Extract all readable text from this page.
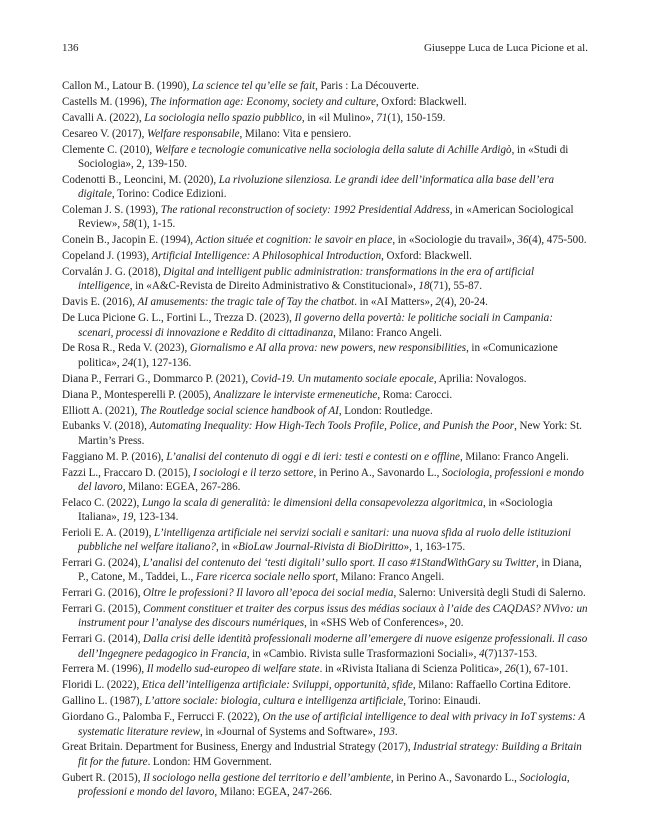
136	Giuseppe Luca de Luca Picione et al.
Callon M., Latour B. (1990), La science tel qu’elle se fait, Paris : La Découverte.
Castells M. (1996), The information age: Economy, society and culture, Oxford: Blackwell.
Cavalli A. (2022), La sociologia nello spazio pubblico, in «il Mulino», 71(1), 150-159.
Cesareo V. (2017), Welfare responsabile, Milano: Vita e pensiero.
Clemente C. (2010), Welfare e tecnologie comunicative nella sociologia della salute di Achille Ardigò, in «Studi di Sociologia», 2, 139-150.
Codenotti B., Leoncini, M. (2020), La rivoluzione silenziosa. Le grandi idee dell’informatica alla base dell’era digitale, Torino: Codice Edizioni.
Coleman J. S. (1993), The rational reconstruction of society: 1992 Presidential Address, in «American Sociological Review», 58(1), 1-15.
Conein B., Jacopin E. (1994), Action située et cognition: le savoir en place, in «Sociologie du travail», 36(4), 475-500.
Copeland J. (1993), Artificial Intelligence: A Philosophical Introduction, Oxford: Blackwell.
Corvalán J. G. (2018), Digital and intelligent public administration: transformations in the era of artificial intelligence, in «A&C-Revista de Direito Administrativo & Constitucional», 18(71), 55-87.
Davis E. (2016), AI amusements: the tragic tale of Tay the chatbot. in «AI Matters», 2(4), 20-24.
De Luca Picione G. L., Fortini L., Trezza D. (2023), Il governo della povertà: le politiche sociali in Campania: scenari, processi di innovazione e Reddito di cittadinanza, Milano: Franco Angeli.
De Rosa R., Reda V. (2023), Giornalismo e AI alla prova: new powers, new responsibilities, in «Comunicazione politica», 24(1), 127-136.
Diana P., Ferrari G., Dommarco P. (2021), Covid-19. Un mutamento sociale epocale, Aprilia: Novalogos.
Diana P., Montesperelli P. (2005), Analizzare le interviste ermeneutiche, Roma: Carocci.
Elliott A. (2021), The Routledge social science handbook of AI, London: Routledge.
Eubanks V. (2018), Automating Inequality: How High-Tech Tools Profile, Police, and Punish the Poor, New York: St. Martin’s Press.
Faggiano M. P. (2016), L’analisi del contenuto di oggi e di ieri: testi e contesti on e offline, Milano: Franco Angeli.
Fazzi L., Fraccaro D. (2015), I sociologi e il terzo settore, in Perino A., Savonardo L., Sociologia, professioni e mondo del lavoro, Milano: EGEA, 267-286.
Felaco C. (2022), Lungo la scala di generalità: le dimensioni della consapevolezza algoritmica, in «Sociologia Italiana», 19, 123-134.
Ferioli E. A. (2019), L’intelligenza artificiale nei servizi sociali e sanitari: una nuova sfida al ruolo delle istituzioni pubbliche nel welfare italiano?, in «BioLaw Journal-Rivista di BioDiritto», 1, 163-175.
Ferrari G. (2024), L’analisi del contenuto dei ‘testi digitali’ sullo sport. Il caso #1StandWithGary su Twitter, in Diana, P., Catone, M., Taddei, L., Fare ricerca sociale nello sport, Milano: Franco Angeli.
Ferrari G. (2016), Oltre le professioni? Il lavoro all’epoca dei social media, Salerno: Università degli Studi di Salerno.
Ferrari G. (2015), Comment constituer et traiter des corpus issus des médias sociaux à l’aide des CAQDAS? NVivo: un instrument pour l’analyse des discours numériques, in «SHS Web of Conferences», 20.
Ferrari G. (2014), Dalla crisi delle identità professionali moderne all’emergere di nuove esigenze professionali. Il caso dell’Ingegnere pedagogico in Francia, in «Cambio. Rivista sulle Trasformazioni Sociali», 4(7)137-153.
Ferrera M. (1996), Il modello sud-europeo di welfare state. in «Rivista Italiana di Scienza Politica», 26(1), 67-101.
Floridi L. (2022), Etica dell’intelligenza artificiale: Sviluppi, opportunità, sfide, Milano: Raffaello Cortina Editore.
Gallino L. (1987), L’attore sociale: biologia, cultura e intelligenza artificiale, Torino: Einaudi.
Giordano G., Palomba F., Ferrucci F. (2022), On the use of artificial intelligence to deal with privacy in IoT systems: A systematic literature review, in «Journal of Systems and Software», 193.
Great Britain. Department for Business, Energy and Industrial Strategy (2017), Industrial strategy: Building a Britain fit for the future. London: HM Government.
Gubert R. (2015), Il sociologo nella gestione del territorio e dell’ambiente, in Perino A., Savonardo L., Sociologia, professioni e mondo del lavoro, Milano: EGEA, 247-266.
